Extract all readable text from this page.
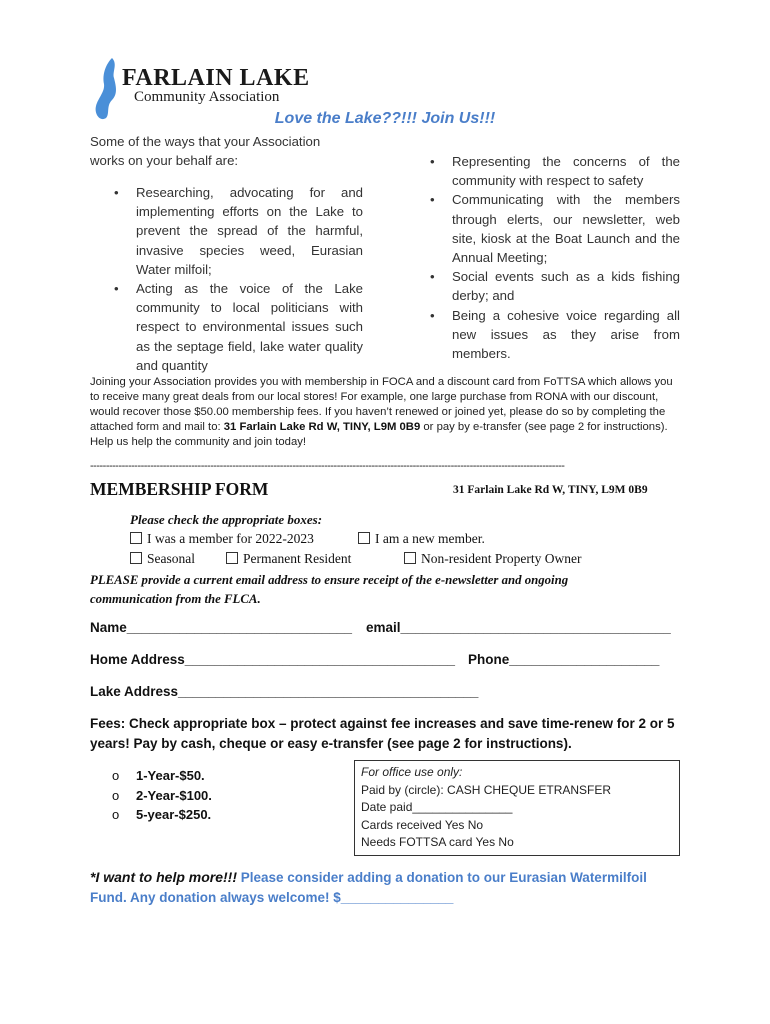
FARLAIN LAKE
Community Association
Love the Lake??!!! Join Us!!!
Some of the ways that your Association works on your behalf are:
• Researching, advocating for and implementing efforts on the Lake to prevent the spread of the harmful, invasive species weed, Eurasian Water milfoil;
• Acting as the voice of the Lake community to local politicians with respect to environmental issues such as the septage field, lake water quality and quantity
• Representing the concerns of the community with respect to safety
• Communicating with the members through elerts, our newsletter, web site, kiosk at the Boat Launch and the Annual Meeting;
• Social events such as a kids fishing derby; and
• Being a cohesive voice regarding all new issues as they arise from members.
Joining your Association provides you with membership in FOCA and a discount card from FoTTSA which allows you to receive many great deals from our local stores! For example, one large purchase from RONA with our discount, would recover those $50.00 membership fees. If you haven’t renewed or joined yet, please do so by completing the attached form and mail to: 31 Farlain Lake Rd W, TINY, L9M 0B9 or pay by e-transfer (see page 2 for instructions). Help us help the community and join today!
------------------------------------------------------------------------------------------------------------------------------------------------------
MEMBERSHIP FORM	31 Farlain Lake Rd W, TINY, L9M 0B9
Please check the appropriate boxes:
I was a member for 2022-2023	I am a new member.
Seasonal	Permanent Resident	Non-resident Property Owner
PLEASE provide a current email address to ensure receipt of the e-newsletter and ongoing communication from the FLCA.
Name______________________________ email____________________________________
Home Address____________________________________ Phone____________________
Lake Address________________________________________
Fees: Check appropriate box – protect against fee increases and save time-renew for 2 or 5 years! Pay by cash, cheque or easy e-transfer (see page 2 for instructions).
o 1-Year-$50.
o 2-Year-$100.
o 5-year-$250.
For office use only:
Paid by (circle): CASH CHEQUE ETRANSFER
Date paid_______________
Cards received Yes No
Needs FOTTSA card Yes No
*I want to help more!!! Please consider adding a donation to our Eurasian Watermilfoil
Fund. Any donation always welcome! $_______________
